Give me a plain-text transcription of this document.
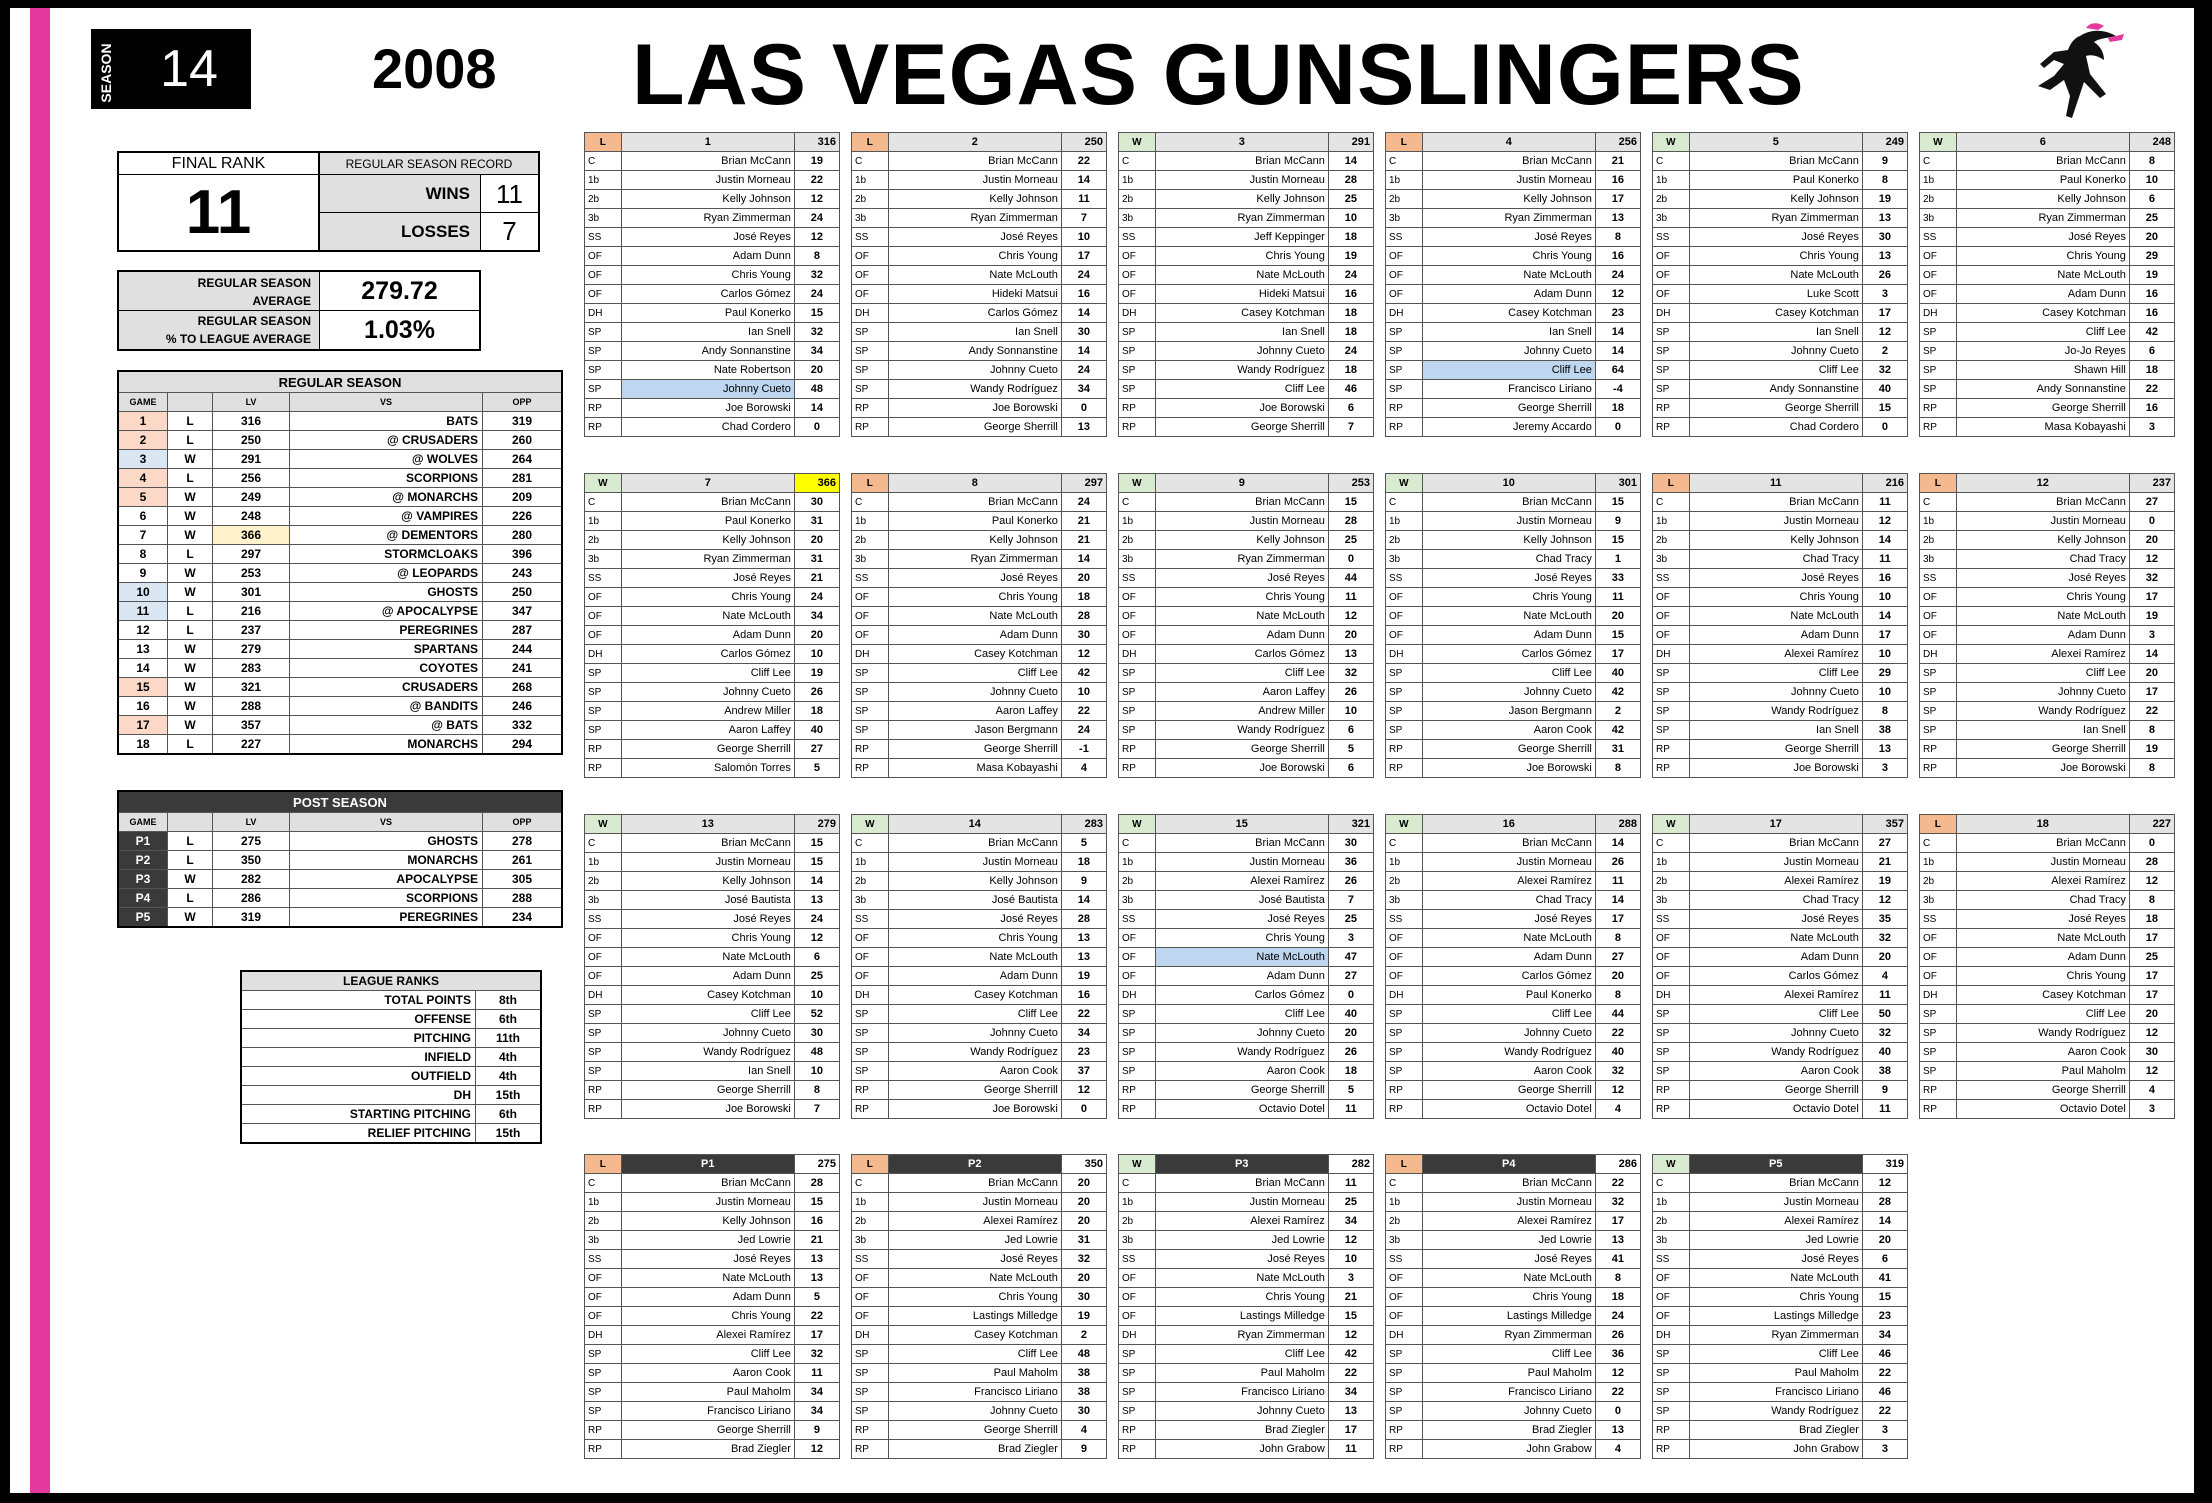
SEASON 14	2008 LAS VEGAS GUNSLINGERS
FINAL RANK
11
REGULAR SEASON RECORD
WINS	11
LOSSES	7
REGULAR SEASON
AVERAGE	279.72
REGULAR SEASON
% TO LEAGUE AVERAGE	1.03%
REGULAR SEASON				
GAME		LV	VS	OPP
1	L	316	BATS	319
2	L	250	@ CRUSADERS	260
3	W	291	@ WOLVES	264
4	L	256	SCORPIONS	281
5	W	249	@ MONARCHS	209
6	W	248	@ VAMPIRES	226
7	W	366	@ DEMENTORS	280
8	L	297	STORMCLOAKS	396
9	W	253	@ LEOPARDS	243
10	W	301	GHOSTS	250
11	L	216	@ APOCALYPSE	347
12	L	237	PEREGRINES	287
13	W	279	SPARTANS	244
14	W	283	COYOTES	241
15	W	321	CRUSADERS	268
16	W	288	@ BANDITS	246
17	W	357	@ BATS	332
18	L	227	MONARCHS	294
POST SEASON				
GAME		LV	VS	OPP
P1	L	275	GHOSTS	278
P2	L	350	MONARCHS	261
P3	W	282	APOCALYPSE	305
P4	L	286	SCORPIONS	288
P5	W	319	PEREGRINES	234
LEAGUE RANKS	
TOTAL POINTS	8th
OFFENSE	6th
PITCHING	11th
INFIELD	4th
OUTFIELD	4th
DH	15th
STARTING PITCHING	6th
RELIEF PITCHING	15th
L	1	316
C	Brian McCann	19
1b	Justin Morneau	22
2b	Kelly Johnson	12
3b	Ryan Zimmerman	24
SS	José Reyes	12
OF	Adam Dunn	8
OF	Chris Young	32
OF	Carlos Gómez	24
DH	Paul Konerko	15
SP	Ian Snell	32
SP	Andy Sonnanstine	34
SP	Nate Robertson	20
SP	Johnny Cueto	48
RP	Joe Borowski	14
RP	Chad Cordero	0
L	2	250
C	Brian McCann	22
1b	Justin Morneau	14
2b	Kelly Johnson	11
3b	Ryan Zimmerman	7
SS	José Reyes	10
OF	Chris Young	17
OF	Nate McLouth	24
OF	Hideki Matsui	16
DH	Carlos Gómez	14
SP	Ian Snell	30
SP	Andy Sonnanstine	14
SP	Johnny Cueto	24
SP	Wandy Rodríguez	34
RP	Joe Borowski	0
RP	George Sherrill	13
W	3	291
C	Brian McCann	14
1b	Justin Morneau	28
2b	Kelly Johnson	25
3b	Ryan Zimmerman	10
SS	Jeff Keppinger	18
OF	Chris Young	19
OF	Nate McLouth	24
OF	Hideki Matsui	16
DH	Casey Kotchman	18
SP	Ian Snell	18
SP	Johnny Cueto	24
SP	Wandy Rodríguez	18
SP	Cliff Lee	46
RP	Joe Borowski	6
RP	George Sherrill	7
L	4	256
C	Brian McCann	21
1b	Justin Morneau	16
2b	Kelly Johnson	17
3b	Ryan Zimmerman	13
SS	José Reyes	8
OF	Chris Young	16
OF	Nate McLouth	24
OF	Adam Dunn	12
DH	Casey Kotchman	23
SP	Ian Snell	14
SP	Johnny Cueto	14
SP	Cliff Lee	64
SP	Francisco Liriano	-4
RP	George Sherrill	18
RP	Jeremy Accardo	0
W	5	249
C	Brian McCann	9
1b	Paul Konerko	8
2b	Kelly Johnson	19
3b	Ryan Zimmerman	13
SS	José Reyes	30
OF	Chris Young	13
OF	Nate McLouth	26
OF	Luke Scott	3
DH	Casey Kotchman	17
SP	Ian Snell	12
SP	Johnny Cueto	2
SP	Cliff Lee	32
SP	Andy Sonnanstine	40
RP	George Sherrill	15
RP	Chad Cordero	0
W	6	248
C	Brian McCann	8
1b	Paul Konerko	10
2b	Kelly Johnson	6
3b	Ryan Zimmerman	25
SS	José Reyes	20
OF	Chris Young	29
OF	Nate McLouth	19
OF	Adam Dunn	16
DH	Casey Kotchman	16
SP	Cliff Lee	42
SP	Jo-Jo Reyes	6
SP	Shawn Hill	18
SP	Andy Sonnanstine	22
RP	George Sherrill	16
RP	Masa Kobayashi	3
W	7	366
C	Brian McCann	30
1b	Paul Konerko	31
2b	Kelly Johnson	20
3b	Ryan Zimmerman	31
SS	José Reyes	21
OF	Chris Young	24
OF	Nate McLouth	34
OF	Adam Dunn	20
DH	Carlos Gómez	10
SP	Cliff Lee	19
SP	Johnny Cueto	26
SP	Andrew Miller	18
SP	Aaron Laffey	40
RP	George Sherrill	27
RP	Salomón Torres	5
L	8	297
C	Brian McCann	24
1b	Paul Konerko	21
2b	Kelly Johnson	21
3b	Ryan Zimmerman	14
SS	José Reyes	20
OF	Chris Young	18
OF	Nate McLouth	28
OF	Adam Dunn	30
DH	Casey Kotchman	12
SP	Cliff Lee	42
SP	Johnny Cueto	10
SP	Aaron Laffey	22
SP	Jason Bergmann	24
RP	George Sherrill	-1
RP	Masa Kobayashi	4
W	9	253
C	Brian McCann	15
1b	Justin Morneau	28
2b	Kelly Johnson	25
3b	Ryan Zimmerman	0
SS	José Reyes	44
OF	Chris Young	11
OF	Nate McLouth	12
OF	Adam Dunn	20
DH	Carlos Gómez	13
SP	Cliff Lee	32
SP	Aaron Laffey	26
SP	Andrew Miller	10
SP	Wandy Rodríguez	6
RP	George Sherrill	5
RP	Joe Borowski	6
W	10	301
C	Brian McCann	15
1b	Justin Morneau	9
2b	Kelly Johnson	15
3b	Chad Tracy	1
SS	José Reyes	33
OF	Chris Young	11
OF	Nate McLouth	20
OF	Adam Dunn	15
DH	Carlos Gómez	17
SP	Cliff Lee	40
SP	Johnny Cueto	42
SP	Jason Bergmann	2
SP	Aaron Cook	42
RP	George Sherrill	31
RP	Joe Borowski	8
L	11	216
C	Brian McCann	11
1b	Justin Morneau	12
2b	Kelly Johnson	14
3b	Chad Tracy	11
SS	José Reyes	16
OF	Chris Young	10
OF	Nate McLouth	14
OF	Adam Dunn	17
DH	Alexei Ramírez	10
SP	Cliff Lee	29
SP	Johnny Cueto	10
SP	Wandy Rodríguez	8
SP	Ian Snell	38
RP	George Sherrill	13
RP	Joe Borowski	3
L	12	237
C	Brian McCann	27
1b	Justin Morneau	0
2b	Kelly Johnson	20
3b	Chad Tracy	12
SS	José Reyes	32
OF	Chris Young	17
OF	Nate McLouth	19
OF	Adam Dunn	3
DH	Alexei Ramírez	14
SP	Cliff Lee	20
SP	Johnny Cueto	17
SP	Wandy Rodríguez	22
SP	Ian Snell	8
RP	George Sherrill	19
RP	Joe Borowski	8
W	13	279
C	Brian McCann	15
1b	Justin Morneau	15
2b	Kelly Johnson	14
3b	José Bautista	13
SS	José Reyes	24
OF	Chris Young	12
OF	Nate McLouth	6
OF	Adam Dunn	25
DH	Casey Kotchman	10
SP	Cliff Lee	52
SP	Johnny Cueto	30
SP	Wandy Rodríguez	48
SP	Ian Snell	10
RP	George Sherrill	8
RP	Joe Borowski	7
W	14	283
C	Brian McCann	5
1b	Justin Morneau	18
2b	Kelly Johnson	9
3b	José Bautista	14
SS	José Reyes	28
OF	Chris Young	13
OF	Nate McLouth	13
OF	Adam Dunn	19
DH	Casey Kotchman	16
SP	Cliff Lee	22
SP	Johnny Cueto	34
SP	Wandy Rodríguez	23
SP	Aaron Cook	37
RP	George Sherrill	12
RP	Joe Borowski	0
W	15	321
C	Brian McCann	30
1b	Justin Morneau	36
2b	Alexei Ramírez	26
3b	José Bautista	7
SS	José Reyes	25
OF	Chris Young	3
OF	Nate McLouth	47
OF	Adam Dunn	27
DH	Carlos Gómez	0
SP	Cliff Lee	40
SP	Johnny Cueto	20
SP	Wandy Rodríguez	26
SP	Aaron Cook	18
RP	George Sherrill	5
RP	Octavio Dotel	11
W	16	288
C	Brian McCann	14
1b	Justin Morneau	26
2b	Alexei Ramírez	11
3b	Chad Tracy	14
SS	José Reyes	17
OF	Nate McLouth	8
OF	Adam Dunn	27
OF	Carlos Gómez	20
DH	Paul Konerko	8
SP	Cliff Lee	44
SP	Johnny Cueto	22
SP	Wandy Rodríguez	40
SP	Aaron Cook	32
RP	George Sherrill	12
RP	Octavio Dotel	4
W	17	357
C	Brian McCann	27
1b	Justin Morneau	21
2b	Alexei Ramírez	19
3b	Chad Tracy	12
SS	José Reyes	35
OF	Nate McLouth	32
OF	Adam Dunn	20
OF	Carlos Gómez	4
DH	Alexei Ramírez	11
SP	Cliff Lee	50
SP	Johnny Cueto	32
SP	Wandy Rodríguez	40
SP	Aaron Cook	38
RP	George Sherrill	9
RP	Octavio Dotel	11
L	18	227
C	Brian McCann	0
1b	Justin Morneau	28
2b	Alexei Ramírez	12
3b	Chad Tracy	8
SS	José Reyes	18
OF	Nate McLouth	17
OF	Adam Dunn	25
OF	Chris Young	17
DH	Casey Kotchman	17
SP	Cliff Lee	20
SP	Wandy Rodríguez	12
SP	Aaron Cook	30
SP	Paul Maholm	12
RP	George Sherrill	4
RP	Octavio Dotel	3
L	P1	275
C	Brian McCann	28
1b	Justin Morneau	15
2b	Kelly Johnson	16
3b	Jed Lowrie	21
SS	José Reyes	13
OF	Nate McLouth	13
OF	Adam Dunn	5
OF	Chris Young	22
DH	Alexei Ramírez	17
SP	Cliff Lee	32
SP	Aaron Cook	11
SP	Paul Maholm	34
SP	Francisco Liriano	34
RP	George Sherrill	9
RP	Brad Ziegler	12
L	P2	350
C	Brian McCann	20
1b	Justin Morneau	20
2b	Alexei Ramírez	20
3b	Jed Lowrie	31
SS	José Reyes	32
OF	Nate McLouth	20
OF	Chris Young	30
OF	Lastings Milledge	19
DH	Casey Kotchman	2
SP	Cliff Lee	48
SP	Paul Maholm	38
SP	Francisco Liriano	38
SP	Johnny Cueto	30
RP	George Sherrill	4
RP	Brad Ziegler	9
W	P3	282
C	Brian McCann	11
1b	Justin Morneau	25
2b	Alexei Ramírez	34
3b	Jed Lowrie	12
SS	José Reyes	10
OF	Nate McLouth	3
OF	Chris Young	21
OF	Lastings Milledge	15
DH	Ryan Zimmerman	12
SP	Cliff Lee	42
SP	Paul Maholm	22
SP	Francisco Liriano	34
SP	Johnny Cueto	13
RP	Brad Ziegler	17
RP	John Grabow	11
L	P4	286
C	Brian McCann	22
1b	Justin Morneau	32
2b	Alexei Ramírez	17
3b	Jed Lowrie	13
SS	José Reyes	41
OF	Nate McLouth	8
OF	Chris Young	18
OF	Lastings Milledge	24
DH	Ryan Zimmerman	26
SP	Cliff Lee	36
SP	Paul Maholm	12
SP	Francisco Liriano	22
SP	Johnny Cueto	0
RP	Brad Ziegler	13
RP	John Grabow	4
W	P5	319
C	Brian McCann	12
1b	Justin Morneau	28
2b	Alexei Ramírez	14
3b	Jed Lowrie	20
SS	José Reyes	6
OF	Nate McLouth	41
OF	Chris Young	15
OF	Lastings Milledge	23
DH	Ryan Zimmerman	34
SP	Cliff Lee	46
SP	Paul Maholm	22
SP	Francisco Liriano	46
SP	Wandy Rodríguez	22
RP	Brad Ziegler	3
RP	John Grabow	3
